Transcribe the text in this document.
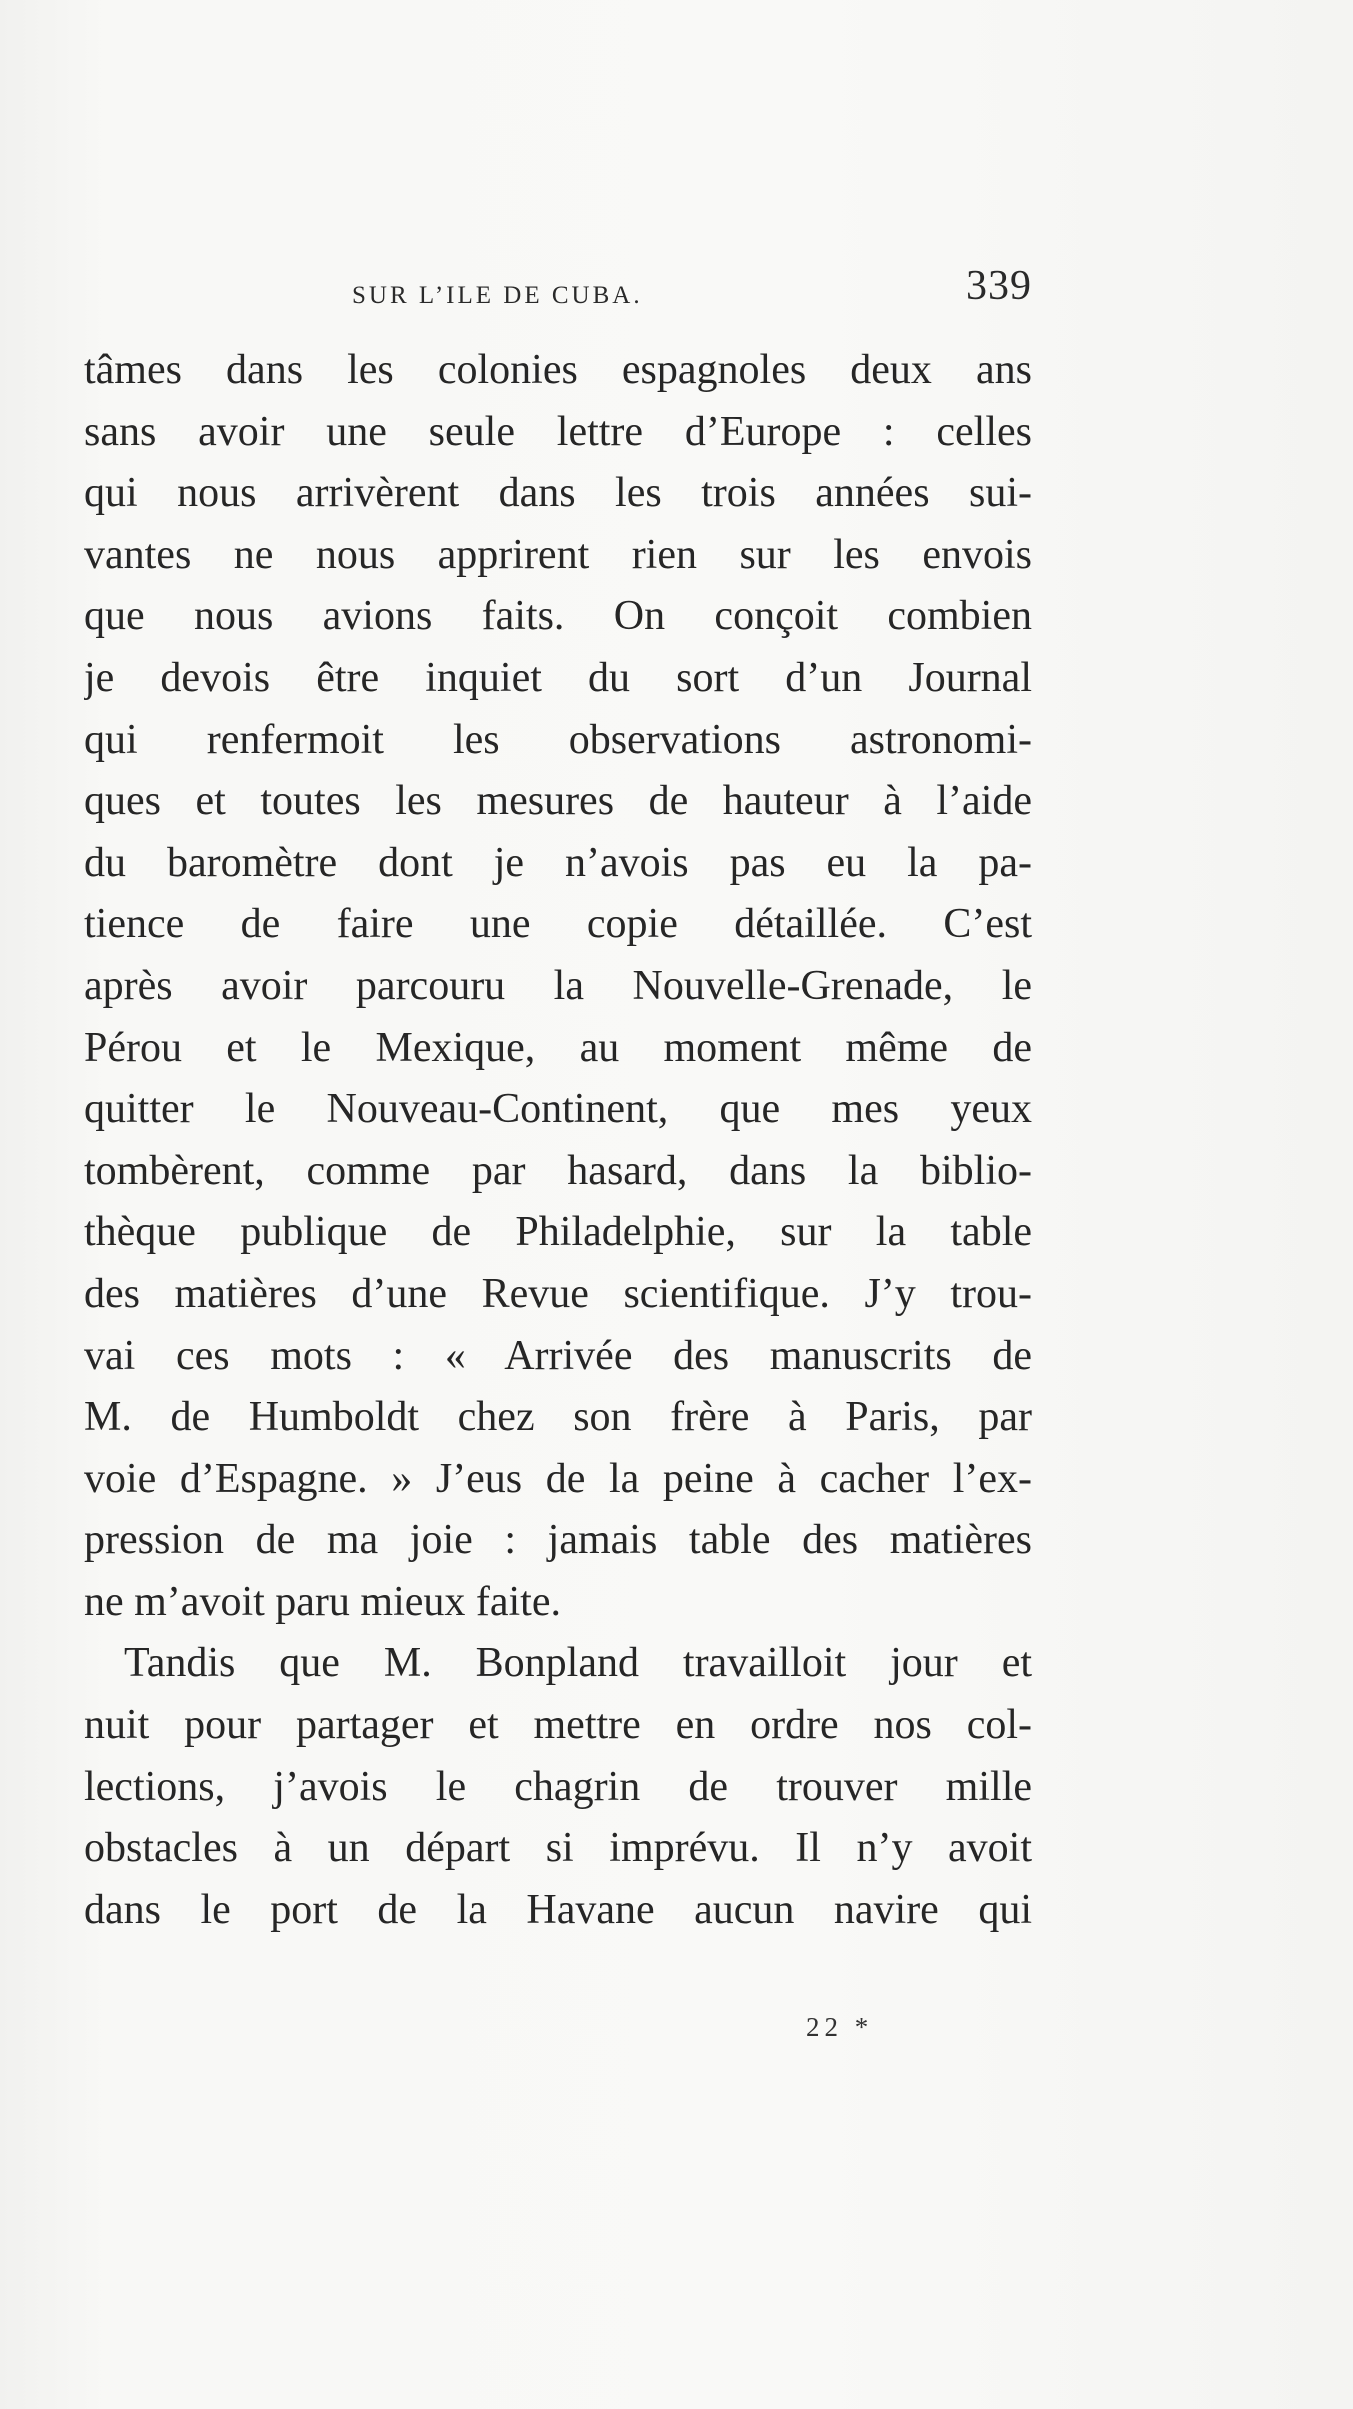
SUR L’ILE DE CUBA.	339
tâmes dans les colonies espagnoles deux ans
sans avoir une seule lettre d’Europe : celles
qui nous arrivèrent dans les trois années sui-
vantes ne nous apprirent rien sur les envois
que nous avions faits. On conçoit combien
je devois être inquiet du sort d’un Journal
qui renfermoit les observations astronomi-
ques et toutes les mesures de hauteur à l’aide
du baromètre dont je n’avois pas eu la pa-
tience de faire une copie détaillée. C’est
après avoir parcouru la Nouvelle-Grenade, le
Pérou et le Mexique, au moment même de
quitter le Nouveau-Continent, que mes yeux
tombèrent, comme par hasard, dans la biblio-
thèque publique de Philadelphie, sur la table
des matières d’une Revue scientifique. J’y trou-
vai ces mots : « Arrivée des manuscrits de
M. de Humboldt chez son frère à Paris, par
voie d’Espagne. » J’eus de la peine à cacher l’ex-
pression de ma joie : jamais table des matières
ne m’avoit paru mieux faite.
Tandis que M. Bonpland travailloit jour et
nuit pour partager et mettre en ordre nos col-
lections, j’avois le chagrin de trouver mille
obstacles à un départ si imprévu. Il n’y avoit
dans le port de la Havane aucun navire qui
22 *
